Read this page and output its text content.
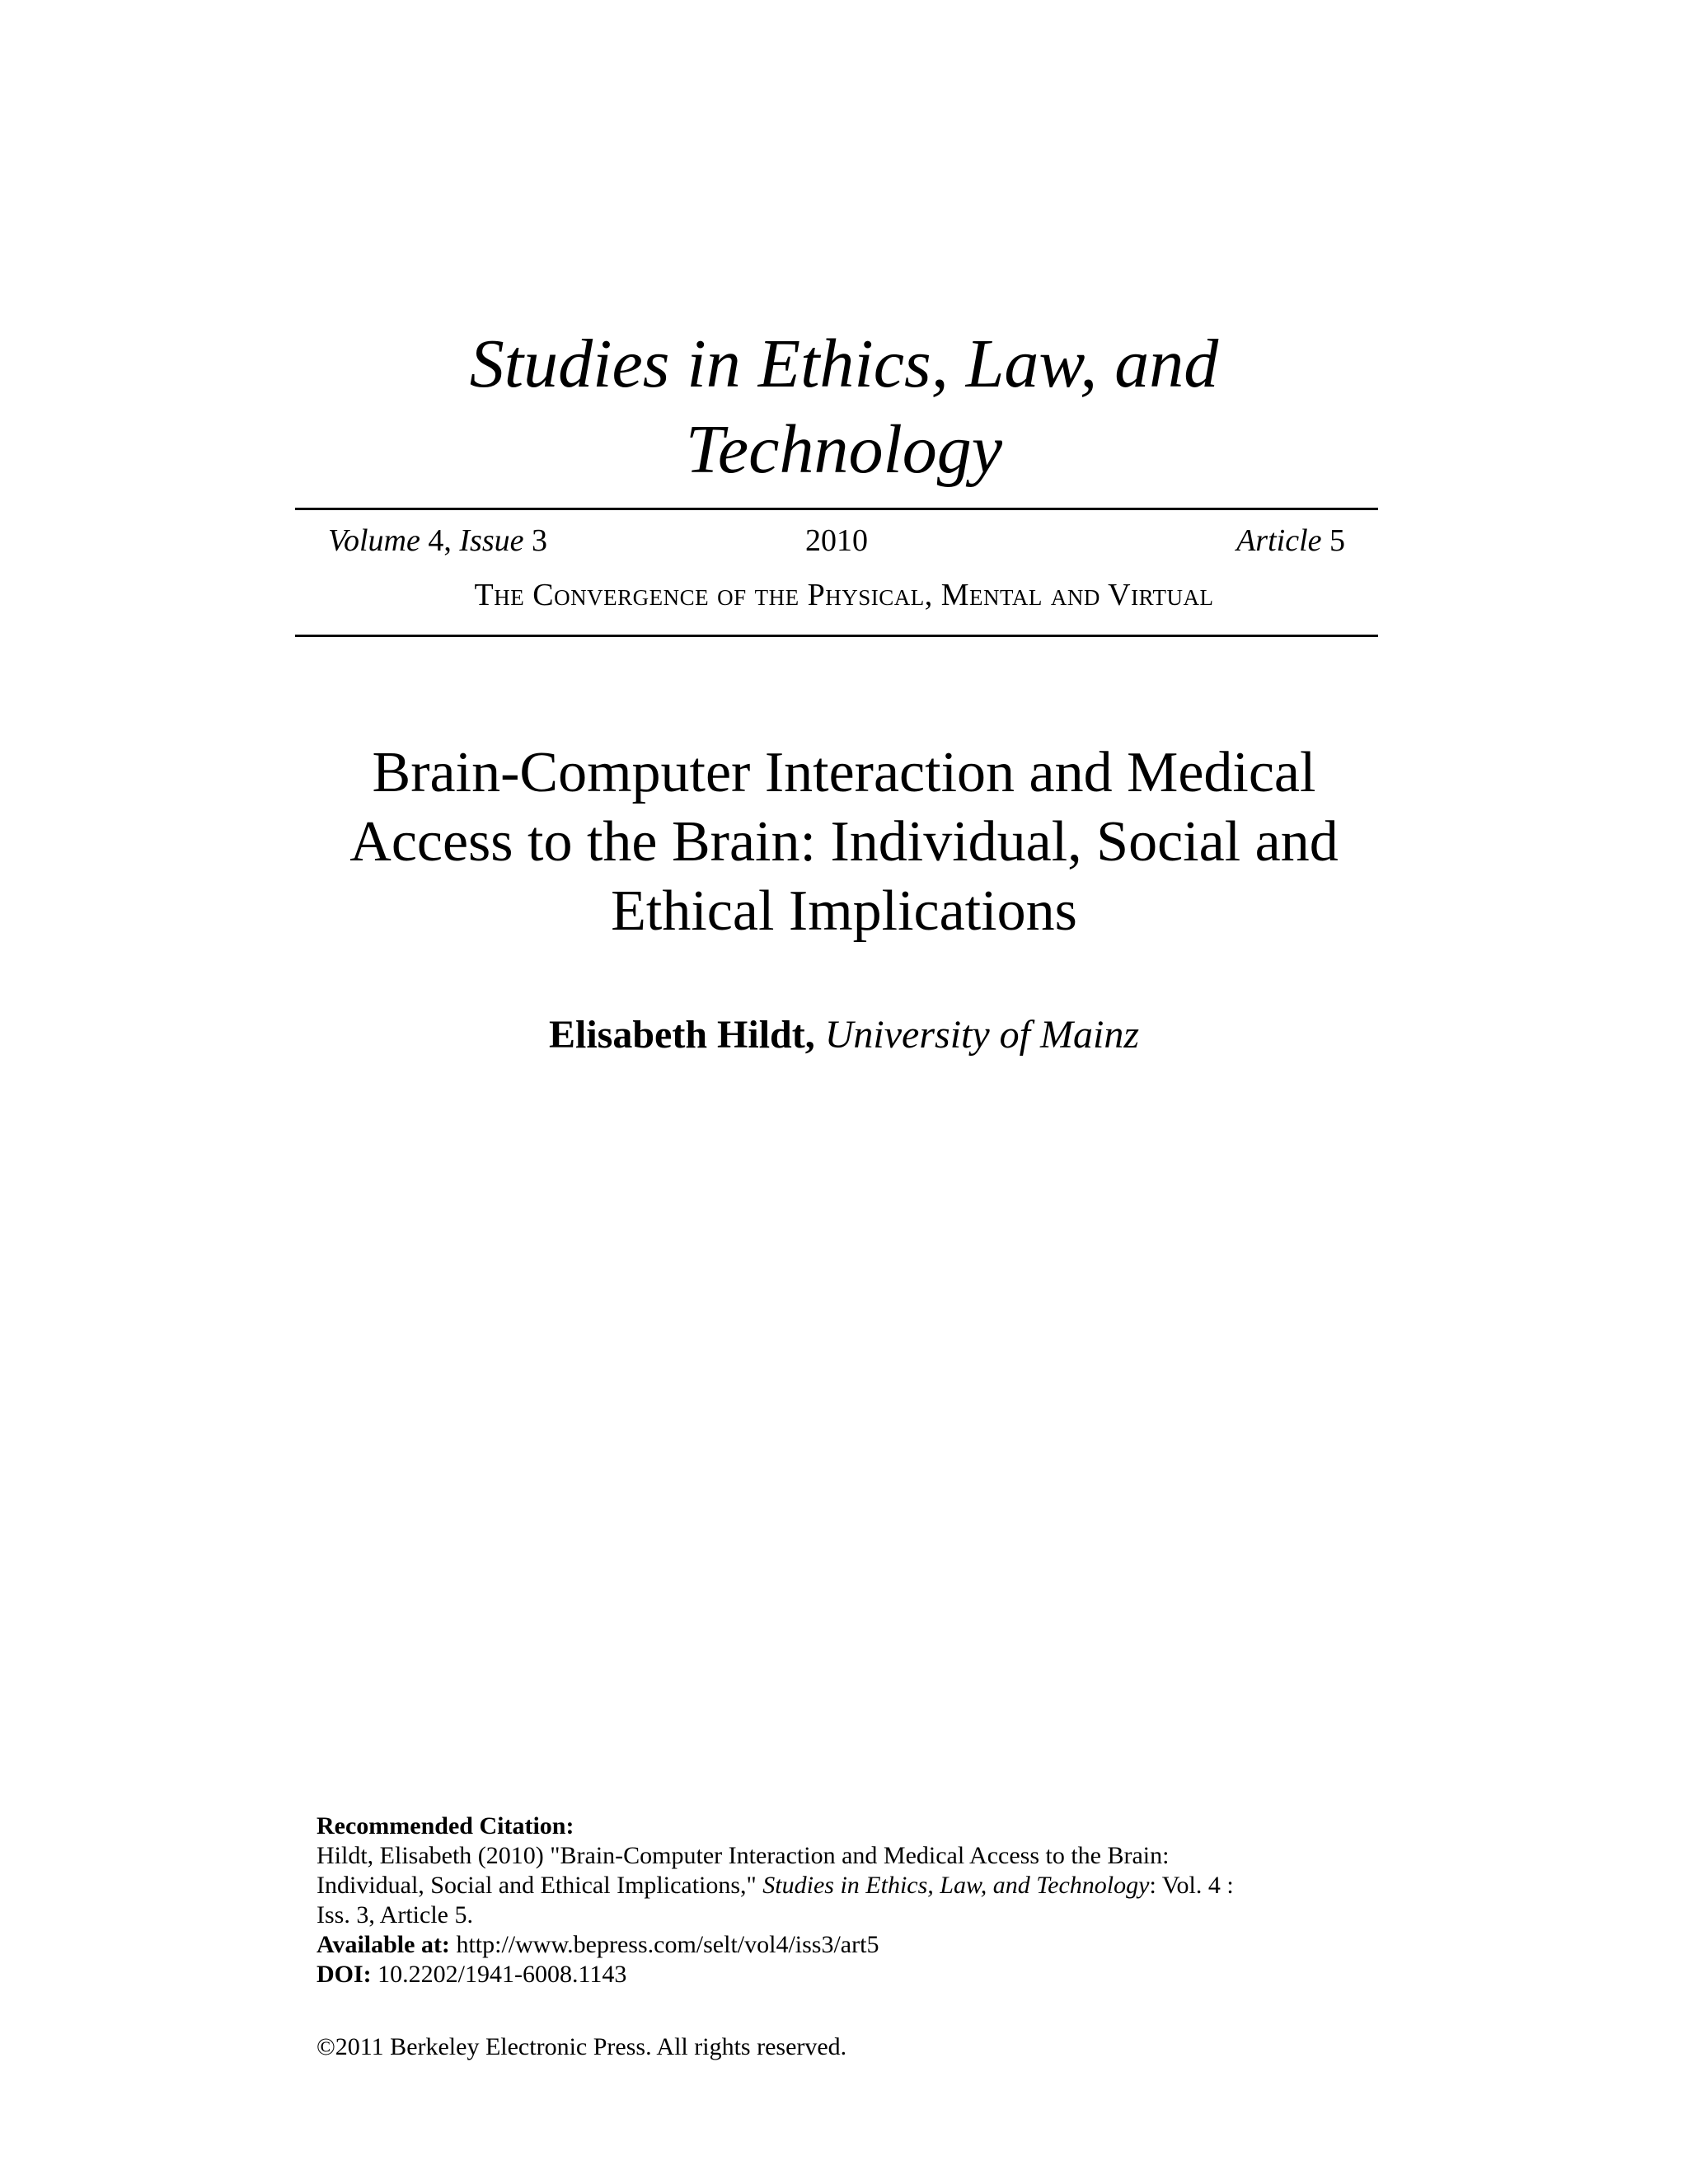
Studies in Ethics, Law, and
Technology
2010
Volume 4, Issue 3	Article 5
The Convergence of the Physical, Mental and Virtual
Brain-Computer Interaction and Medical
Access to the Brain: Individual, Social and
Ethical Implications
Elisabeth Hildt, University of Mainz
Recommended Citation:
Hildt, Elisabeth (2010) "Brain-Computer Interaction and Medical Access to the Brain:
Individual, Social and Ethical Implications," Studies in Ethics, Law, and Technology: Vol. 4 :
Iss. 3, Article 5.
Available at: http://www.bepress.com/selt/vol4/iss3/art5
DOI: 10.2202/1941-6008.1143
©2011 Berkeley Electronic Press. All rights reserved.
